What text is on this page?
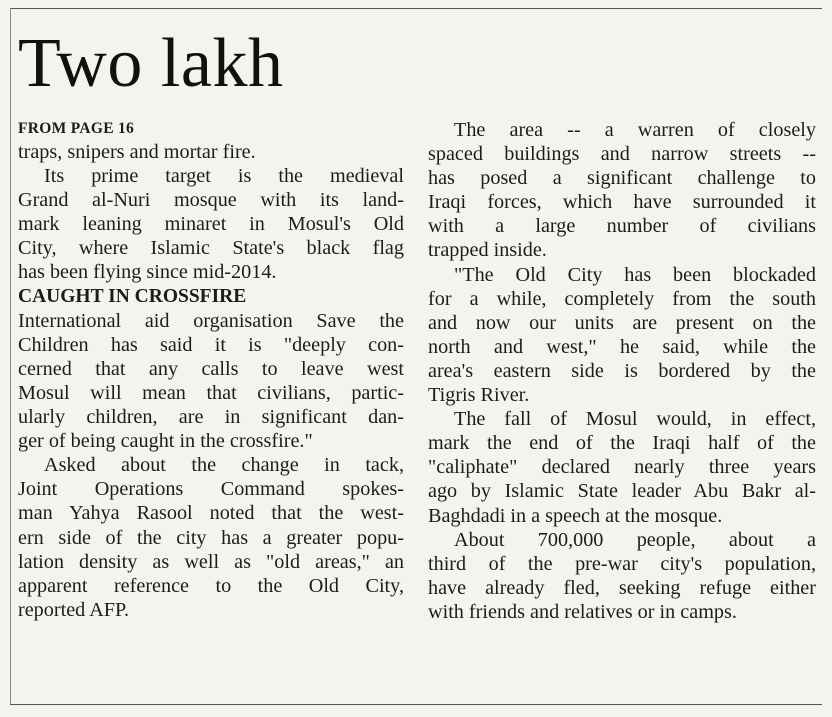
Two lakh
FROM PAGE 16
traps, snipers and mortar fire.
Its prime target is the medieval
Grand al-Nuri mosque with its land-
mark leaning minaret in Mosul's Old
City, where Islamic State's black flag
has been flying since mid-2014.
CAUGHT IN CROSSFIRE
International aid organisation Save the
Children has said it is "deeply con-
cerned that any calls to leave west
Mosul will mean that civilians, partic-
ularly children, are in significant dan-
ger of being caught in the crossfire."
Asked about the change in tack,
Joint Operations Command spokes-
man Yahya Rasool noted that the west-
ern side of the city has a greater popu-
lation density as well as "old areas," an
apparent reference to the Old City,
reported AFP.
The area -- a warren of closely
spaced buildings and narrow streets --
has posed a significant challenge to
Iraqi forces, which have surrounded it
with a large number of civilians
trapped inside.
"The Old City has been blockaded
for a while, completely from the south
and now our units are present on the
north and west," he said, while the
area's eastern side is bordered by the
Tigris River.
The fall of Mosul would, in effect,
mark the end of the Iraqi half of the
"caliphate" declared nearly three years
ago by Islamic State leader Abu Bakr al-
Baghdadi in a speech at the mosque.
About 700,000 people, about a
third of the pre-war city's population,
have already fled, seeking refuge either
with friends and relatives or in camps.
